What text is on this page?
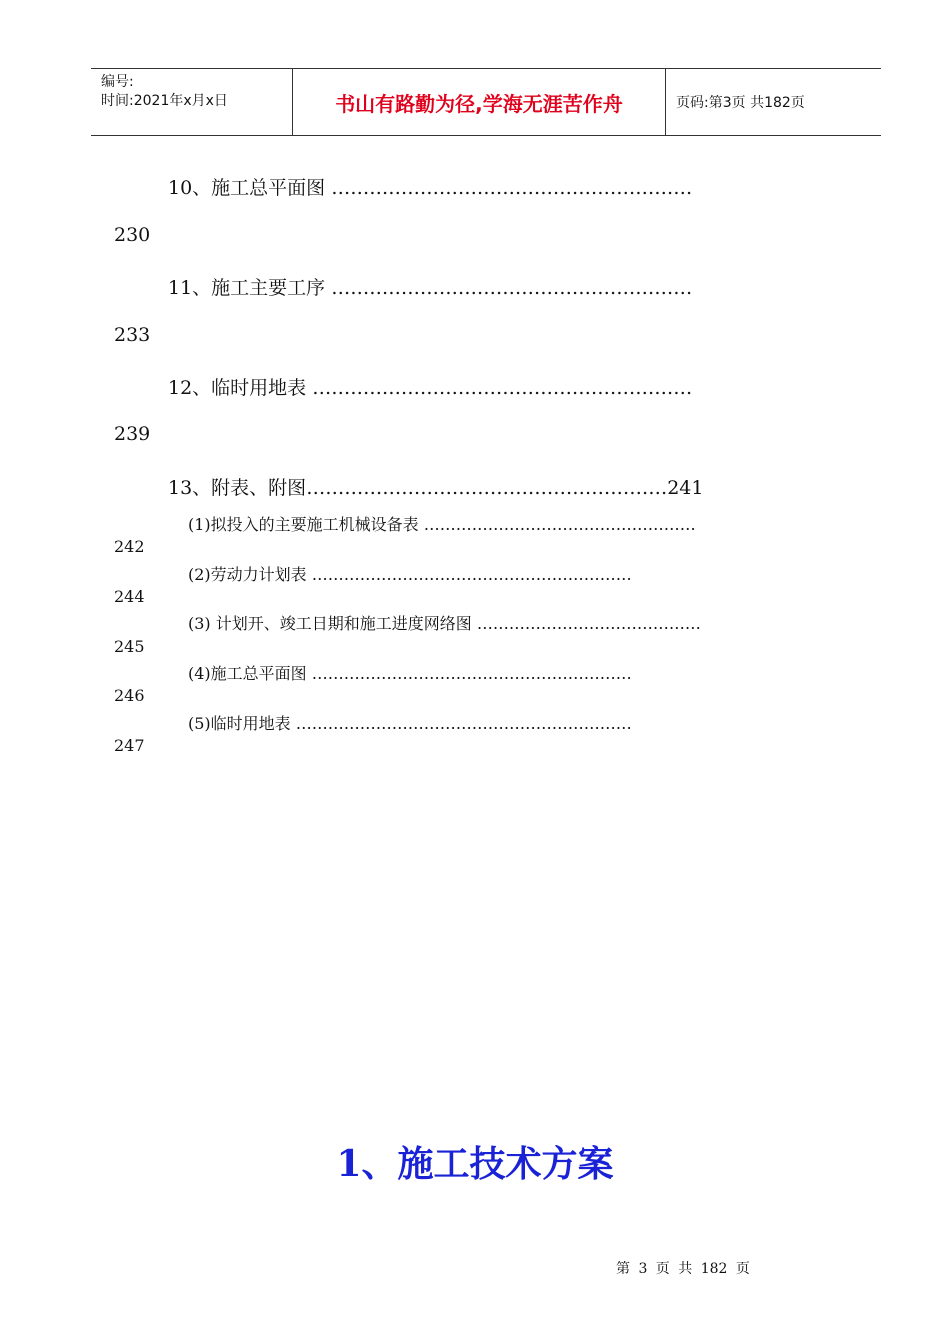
编号:
时间:2021年x月x日	书山有路勤为径,学海无涯苦作舟	页码:第3页 共182页
10、施工总平面图 …………………………………………………
230
11、施工主要工序 …………………………………………………
233
12、临时用地表 ……………………………………………………
239
13、附表、附图…………………………………………………241
(1)拟投入的主要施工机械设备表 ……………………………………………
242
(2)劳动力计划表 ……………………………………………………
244
(3) 计划开、竣工日期和施工进度网络图 ……………………………………
245
(4)施工总平面图 ……………………………………………………
246
(5)临时用地表 ………………………………………………………
247
1、施工技术方案
第 3 页 共 182 页
